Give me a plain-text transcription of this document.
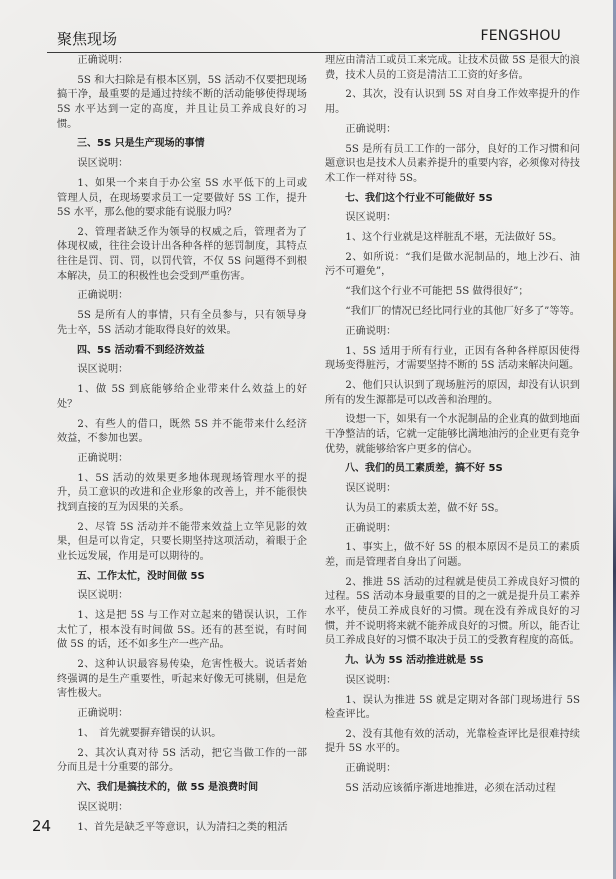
聚焦现场	FENGSHOU

正确说明：

5S 和大扫除是有根本区别，5S 活动不仅要把现场搞干净，最重要的是通过持续不断的活动能够使得现场 5S 水平达到一定的高度，并且让员工养成良好的习惯。

三、5S 只是生产现场的事情

误区说明：

1、如果一个来自于办公室 5S 水平低下的上司或管理人员，在现场要求员工一定要做好 5S 工作，提升 5S 水平，那么他的要求能有说服力吗？

2、管理者缺乏作为领导的权威之后，管理者为了体现权威，往往会设计出各种各样的惩罚制度，其特点往往是罚、罚、罚，以罚代管，不仅 5S 问题得不到根本解决，员工的积极性也会受到严重伤害。

正确说明：

5S 是所有人的事情，只有全员参与，只有领导身先士卒，5S 活动才能取得良好的效果。

四、5S 活动看不到经济效益

误区说明：

1、做 5S 到底能够给企业带来什么效益上的好处？

2、有些人的借口，既然 5S 并不能带来什么经济效益，不参加也罢。

正确说明：

1、5S 活动的效果更多地体现现场管理水平的提升，员工意识的改进和企业形象的改善上，并不能很快找到直接的互为因果的关系。

2、尽管 5S 活动并不能带来效益上立竿见影的效果，但是可以肯定，只要长期坚持这项活动，着眼于企业长远发展，作用是可以期待的。

五、工作太忙，没时间做 5S

误区说明：

1、这是把 5S 与工作对立起来的错误认识，工作太忙了，根本没有时间做 5S。还有的甚至说，有时间做 5S 的话，还不如多生产一些产品。

2、这种认识最容易传染，危害性极大。说话者始终强调的是生产重要性，听起来好像无可挑剔，但是危害性极大。

正确说明：

1、　首先就要摒弃错误的认识。

2、其次认真对待 5S 活动，把它当做工作的一部分而且是十分重要的部分。

六、我们是搞技术的，做 5S 是浪费时间

误区说明：

1、首先是缺乏平等意识，认为清扫之类的粗活

理应由清洁工或员工来完成。让技术员做 5S 是很大的浪费，技术人员的工资是清洁工工资的好多倍。

2、其次，没有认识到 5S 对自身工作效率提升的作用。

正确说明：

5S 是所有员工工作的一部分，良好的工作习惯和问题意识也是技术人员素养提升的重要内容，必须像对待技术工作一样对待 5S。

七、我们这个行业不可能做好 5S

误区说明：

1、这个行业就是这样脏乱不堪，无法做好 5S。

2、如所说：“我们是做水泥制品的，地上沙石、油污不可避免”，

“我们这个行业不可能把 5S 做得很好”；

“我们厂的情况已经比同行业的其他厂好多了”等等。

正确说明：

1、5S 适用于所有行业，正因有各种各样原因使得现场变得脏污，才需要坚持不断的 5S 活动来解决问题。

2、他们只认识到了现场脏污的原因，却没有认识到所有的发生源都是可以改善和治理的。

设想一下，如果有一个水泥制品的企业真的做到地面干净整洁的话，它就一定能够比满地油污的企业更有竞争优势，就能够给客户更多的信心。

八、我们的员工素质差，搞不好 5S

误区说明：

认为员工的素质太差，做不好 5S。

正确说明：

1、事实上，做不好 5S 的根本原因不是员工的素质差，而是管理者自身出了问题。

2、推进 5S 活动的过程就是使员工养成良好习惯的过程。5S 活动本身最重要的目的之一就是提升员工素养水平，使员工养成良好的习惯。现在没有养成良好的习惯，并不说明将来就不能养成良好的习惯。所以，能否让员工养成良好的习惯不取决于员工的受教育程度的高低。

九、认为 5S 活动推进就是 5S

误区说明：

1、误认为推进 5S 就是定期对各部门现场进行 5S 检查评比。

2、没有其他有效的活动，光靠检查评比是很难持续提升 5S 水平的。

正确说明：

5S 活动应该循序渐进地推进，必须在活动过程

24
